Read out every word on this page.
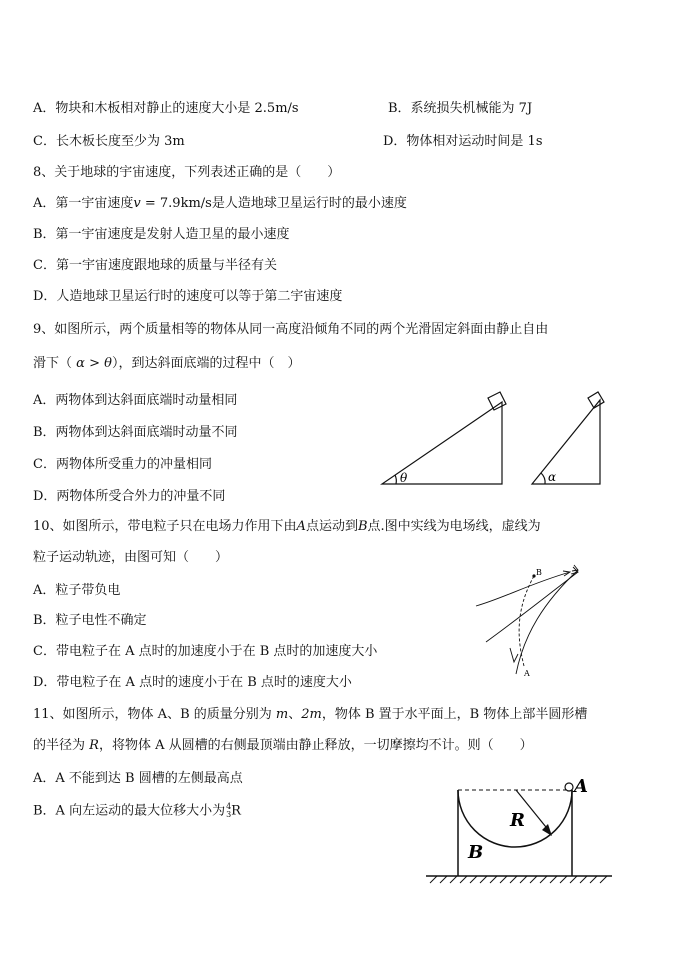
A．物块和木板相对静止的速度大小是 2.5m/s	B．系统损失机械能为 7J
C．长木板长度至少为 3m	D．物体相对运动时间是 1s
8、关于地球的宇宙速度，下列表述正确的是（　　）
A．第一宇宙速度v = 7.9km/s是人造地球卫星运行时的最小速度
B．第一宇宙速度是发射人造卫星的最小速度
C．第一宇宙速度跟地球的质量与半径有关
D．人造地球卫星运行时的速度可以等于第二宇宙速度
9、如图所示，两个质量相等的物体从同一高度沿倾角不同的两个光滑固定斜面由静止自由
滑下（ α > θ），到达斜面底端的过程中（　）
A．两物体到达斜面底端时动量相同
B．两物体到达斜面底端时动量不同
C．两物体所受重力的冲量相同
D．两物体所受合外力的冲量不同
θ	α
10、如图所示，带电粒子只在电场力作用下由A点运动到B点.图中实线为电场线，虚线为
粒子运动轨迹，由图可知（　　）
A．粒子带负电
B．粒子电性不确定
C．带电粒子在 A 点时的加速度小于在 B 点时的加速度大小
D．带电粒子在 A 点时的速度小于在 B 点时的速度大小
B
A
11、如图所示，物体 A、B 的质量分别为 m、2m，物体 B 置于水平面上，B 物体上部半圆形槽
的半径为 R，将物体 A 从圆槽的右侧最顶端由静止释放，一切摩擦均不计。则（　　）
A．A 不能到达 B 圆槽的左侧最高点
B．A 向左运动的最大位移大小为 4
3 R
A
R
B
